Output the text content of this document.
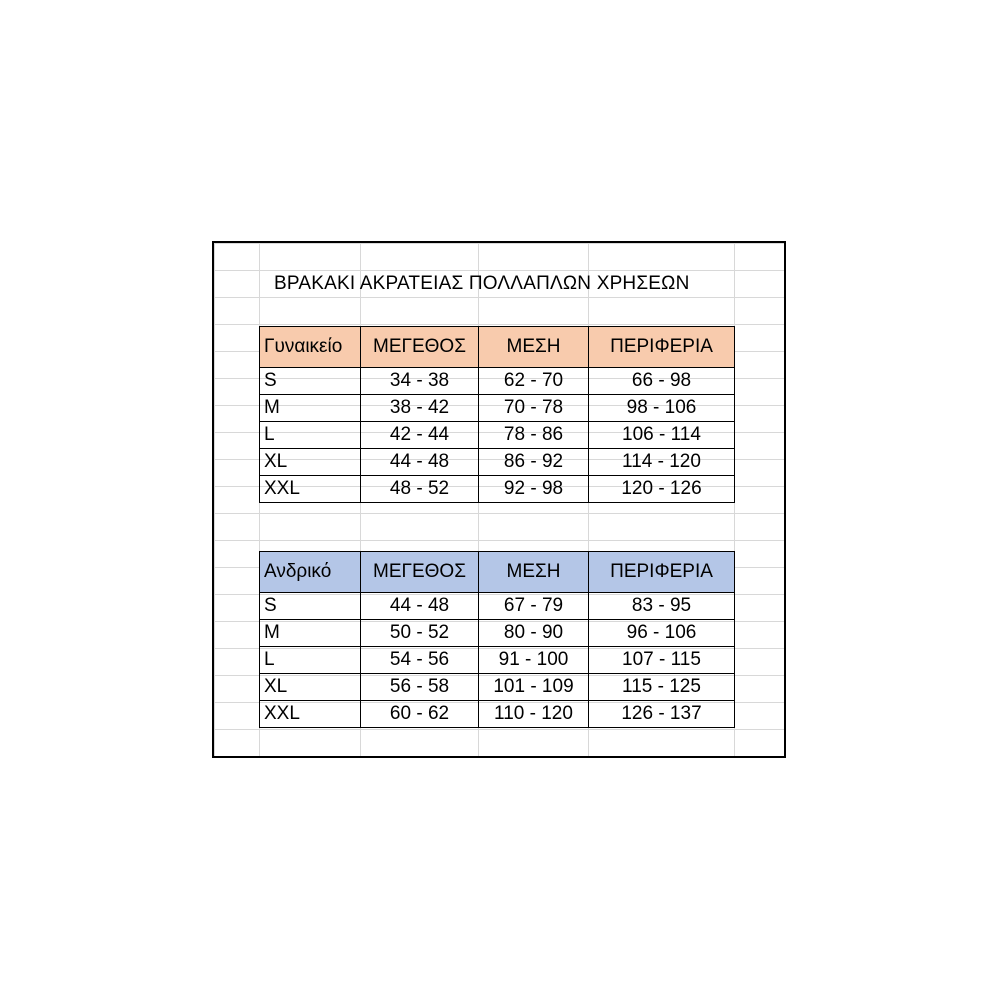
ΒΡΑΚΑΚΙ ΑΚΡΑΤΕΙΑΣ ΠΟΛΛΑΠΛΩΝ ΧΡΗΣΕΩΝ
Γυναικείο	ΜΕΓΕΘΟΣ	ΜΕΣΗ	ΠΕΡΙΦΕΡΙΑ
S	34 - 38	62 - 70	66 - 98
M	38 - 42	70 - 78	98 - 106
L	42 - 44	78 - 86	106 - 114
XL	44 - 48	86 - 92	114 - 120
XXL	48 - 52	92 - 98	120 - 126
Ανδρικό	ΜΕΓΕΘΟΣ	ΜΕΣΗ	ΠΕΡΙΦΕΡΙΑ
S	44 - 48	67 - 79	83 - 95
M	50 - 52	80 - 90	96 - 106
L	54 - 56	91 - 100	107 - 115
XL	56 - 58	101 - 109	115 - 125
XXL	60 - 62	110 - 120	126 - 137
